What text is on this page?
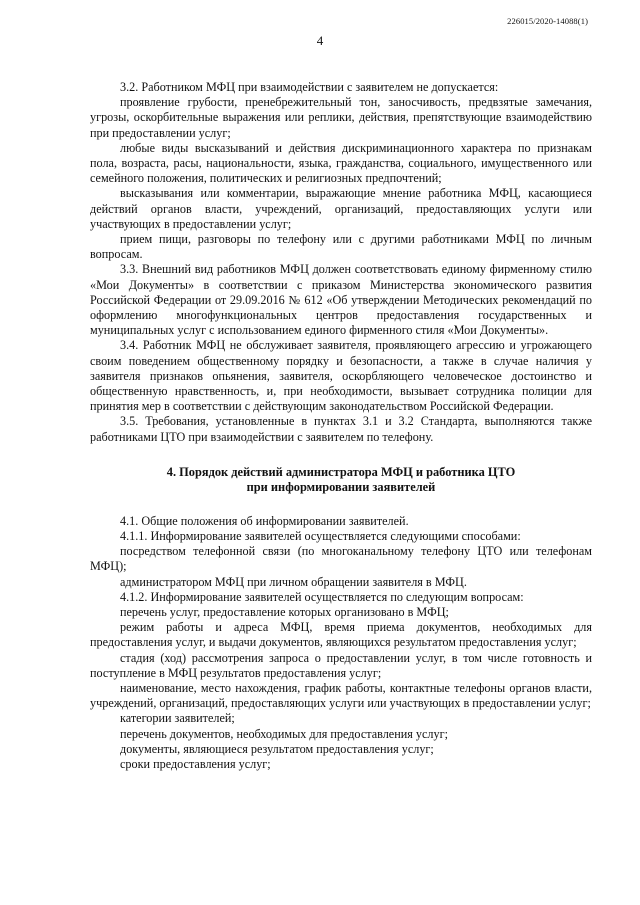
226015/2020-14088(1)
4

3.2. Работником МФЦ при взаимодействии с заявителем не допускается:

проявление грубости, пренебрежительный тон, заносчивость, предвзятые замечания, угрозы, оскорбительные выражения или реплики, действия, препятствующие взаимодействию при предоставлении услуг;

любые виды высказываний и действия дискриминационного характера по признакам пола, возраста, расы, национальности, языка, гражданства, социального, имущественного или семейного положения, политических и религиозных предпочтений;

высказывания или комментарии, выражающие мнение работника МФЦ, касающиеся действий органов власти, учреждений, организаций, предоставляющих услуги или участвующих в предоставлении услуг;

прием пищи, разговоры по телефону или с другими работниками МФЦ по личным вопросам.

3.3. Внешний вид работников МФЦ должен соответствовать единому фирменному стилю «Мои Документы» в соответствии с приказом Министерства экономического развития Российской Федерации от 29.09.2016 № 612 «Об утверждении Методических рекомендаций по оформлению многофункциональных центров предоставления государственных и муниципальных услуг с использованием единого фирменного стиля «Мои Документы».

3.4. Работник МФЦ не обслуживает заявителя, проявляющего агрессию и угрожающего своим поведением общественному порядку и безопасности, а также в случае наличия у заявителя признаков опьянения, заявителя, оскорбляющего человеческое достоинство и общественную нравственность, и, при необходимости, вызывает сотрудника полиции для принятия мер в соответствии с действующим законодательством Российской Федерации.

3.5. Требования, установленные в пунктах 3.1 и 3.2 Стандарта, выполняются также работниками ЦТО при взаимодействии с заявителем по телефону.

4. Порядок действий администратора МФЦ и работника ЦТО
при информировании заявителей

4.1. Общие положения об информировании заявителей.

4.1.1. Информирование заявителей осуществляется следующими способами:

посредством телефонной связи (по многоканальному телефону ЦТО или телефонам МФЦ);

администратором МФЦ при личном обращении заявителя в МФЦ.

4.1.2. Информирование заявителей осуществляется по следующим вопросам:

перечень услуг, предоставление которых организовано в МФЦ;

режим работы и адреса МФЦ, время приема документов, необходимых для предоставления услуг, и выдачи документов, являющихся результатом предоставления услуг;

стадия (ход) рассмотрения запроса о предоставлении услуг, в том числе готовность и поступление в МФЦ результатов предоставления услуг;

наименование, место нахождения, график работы, контактные телефоны органов власти, учреждений, организаций, предоставляющих услуги или участвующих в предоставлении услуг;

категории заявителей;

перечень документов, необходимых для предоставления услуг;

документы, являющиеся результатом предоставления услуг;

сроки предоставления услуг;
